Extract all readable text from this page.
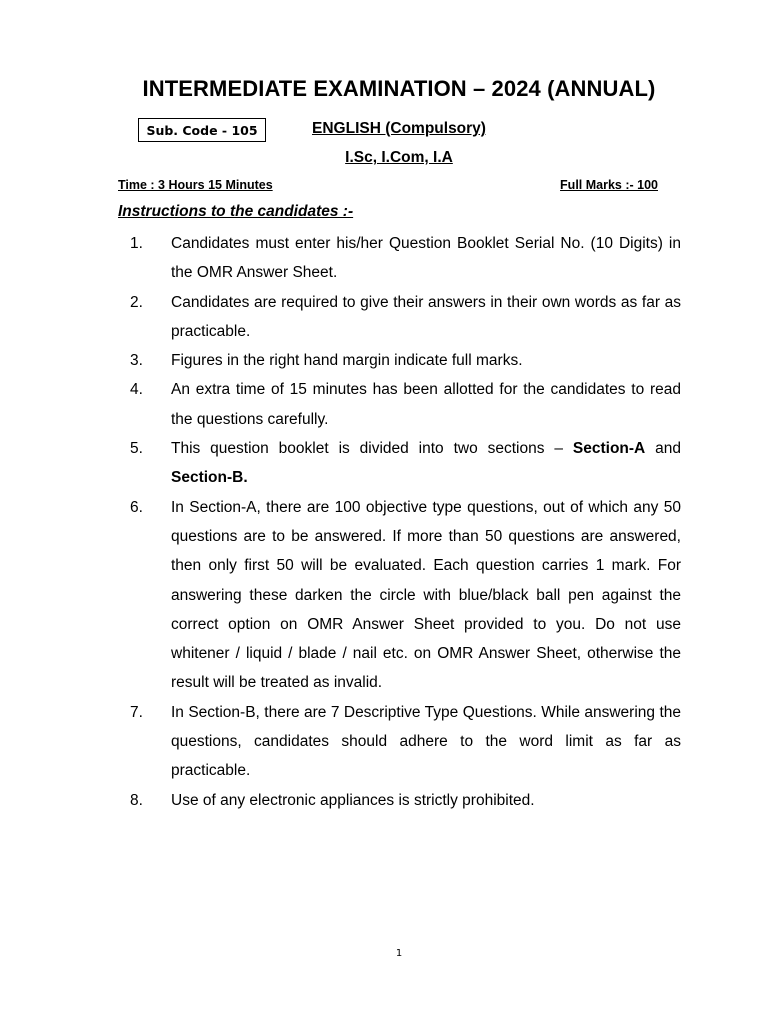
INTERMEDIATE EXAMINATION – 2024 (ANNUAL)
Sub. Code - 105	ENGLISH (Compulsory)
I.Sc, I.Com, I.A
Time : 3 Hours 15 Minutes	Full Marks :- 100
Instructions to the candidates :-
1.	Candidates must enter his/her Question Booklet Serial No. (10 Digits) in the OMR Answer Sheet.
2.	Candidates are required to give their answers in their own words as far as practicable.
3.	Figures in the right hand margin indicate full marks.
4.	An extra time of 15 minutes has been allotted for the candidates to read the questions carefully.
5.	This question booklet is divided into two sections – Section-A and Section-B.
6.	In Section-A, there are 100 objective type questions, out of which any 50 questions are to be answered. If more than 50 questions are answered, then only first 50 will be evaluated. Each question carries 1 mark. For answering these darken the circle with blue/black ball pen against the correct option on OMR Answer Sheet provided to you. Do not use whitener / liquid / blade / nail etc. on OMR Answer Sheet, otherwise the result will be treated as invalid.
7.	In Section-B, there are 7 Descriptive Type Questions. While answering the questions, candidates should adhere to the word limit as far as practicable.
8.	Use of any electronic appliances is strictly prohibited.
1
